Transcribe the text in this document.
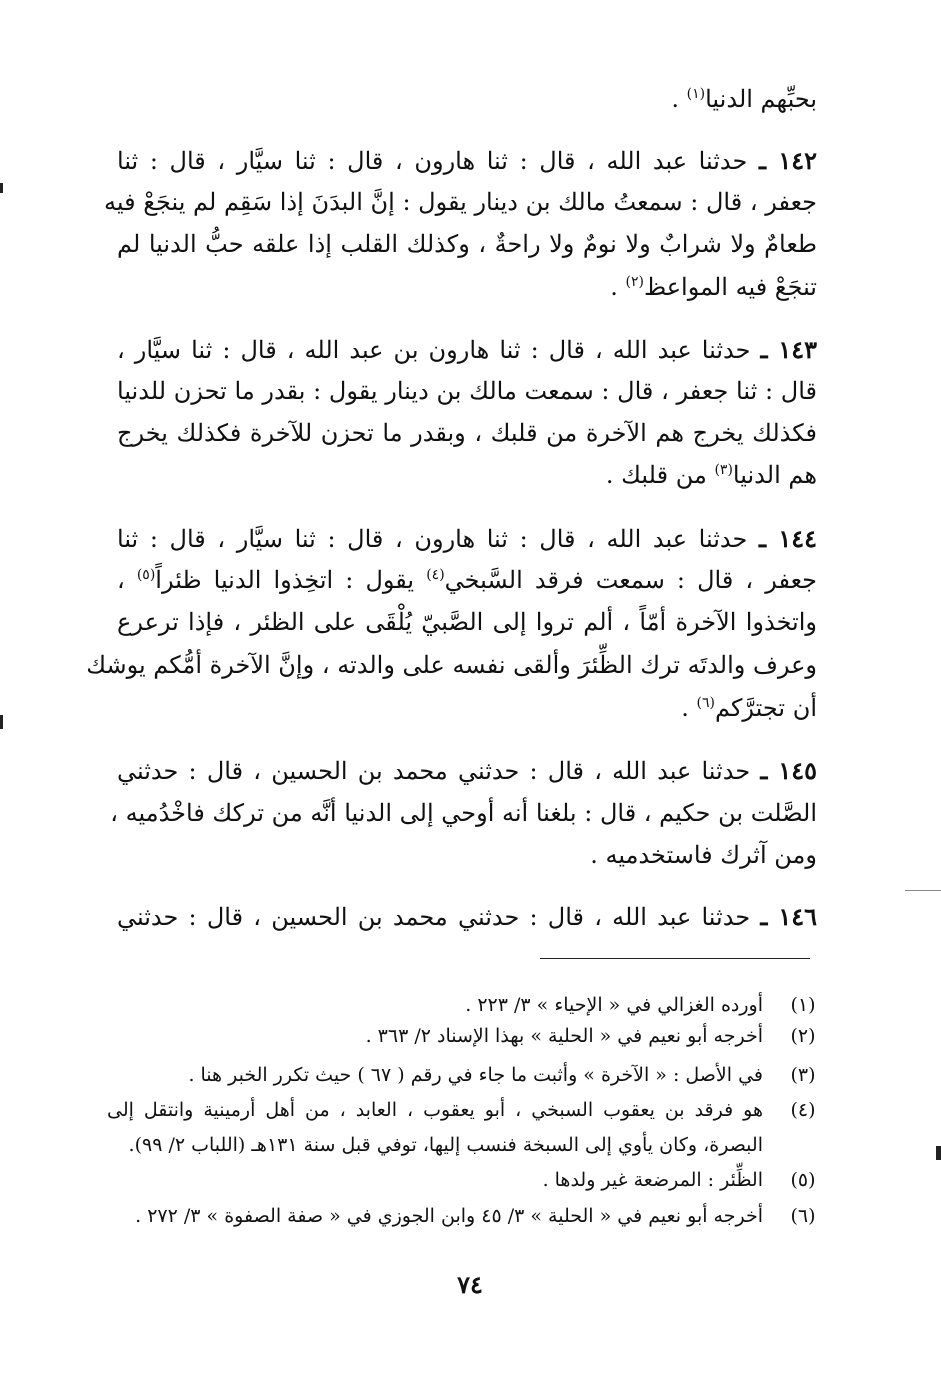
بحبِّهم الدنيا$^{(١)}$ .
١٤٢ ـ حدثنا عبد الله ، قال : ثنا هارون ، قال : ثنا سيَّار ، قال : ثنا
جعفر ، قال : سمعتُ مالك بن دينار يقول : إنَّ البدَنَ إذا سَقِم لم ينجَعْ فيه
طعامٌ ولا شرابٌ ولا نومٌ ولا راحةٌ ، وكذلك القلب إذا علقه حبُّ الدنيا لم
تنجَعْ فيه المواعظ$^{(٢)}$ .
١٤٣ ـ حدثنا عبد الله ، قال : ثنا هارون بن عبد الله ، قال : ثنا سيَّار ،
قال : ثنا جعفر ، قال : سمعت مالك بن دينار يقول : بقدر ما تحزن للدنيا
فكذلك يخرج هم الآخرة من قلبك ، وبقدر ما تحزن للآخرة فكذلك يخرج
هم الدنيا$^{(٣)}$ من قلبك .
١٤٤ ـ حدثنا عبد الله ، قال : ثنا هارون ، قال : ثنا سيَّار ، قال : ثنا
جعفر ، قال : سمعت فرقد السَّبخي$^{(٤)}$ يقول : اتخِذوا الدنيا ظئراً$^{(٥)}$ ،
واتخذوا الآخرة أمّاً ، ألم تروا إلى الصَّبيّ يُلْقَى على الظئر ، فإذا ترعرع
وعرف والدتَه ترك الظِّئرَ وألقى نفسه على والدته ، وإنَّ الآخرة أمُّكم يوشك
أن تجترَّكم$^{(٦)}$ .
١٤٥ ـ حدثنا عبد الله ، قال : حدثني محمد بن الحسين ، قال : حدثني
الصَّلت بن حكيم ، قال : بلغنا أنه أوحي إلى الدنيا أنَّه من تركك فاخْدُميه ،
ومن آثرك فاستخدميه .
١٤٦ ـ حدثنا عبد الله ، قال : حدثني محمد بن الحسين ، قال : حدثني
(١)
أورده الغزالي في « الإحياء » ٣/ ٢٢٣ .
(٢)
أخرجه أبو نعيم في « الحلية » بهذا الإسناد ٢/ ٣٦٣ .
(٣)
في الأصل : « الآخرة » وأثبت ما جاء في رقم ( ٦٧ ) حيث تكرر الخبر هنا .
(٤)
هو فرقد بن يعقوب السبخي ، أبو يعقوب ، العابد ، من أهل أرمينية وانتقل إلى
البصرة، وكان يأوي إلى السبخة فنسب إليها، توفي قبل سنة ١٣١هـ (اللباب ٢/ ٩٩).
(٥)
الظِّئر : المرضعة غير ولدها .
(٦)
أخرجه أبو نعيم في « الحلية » ٣/ ٤٥ وابن الجوزي في « صفة الصفوة » ٣/ ٢٧٢ .
٧٤
